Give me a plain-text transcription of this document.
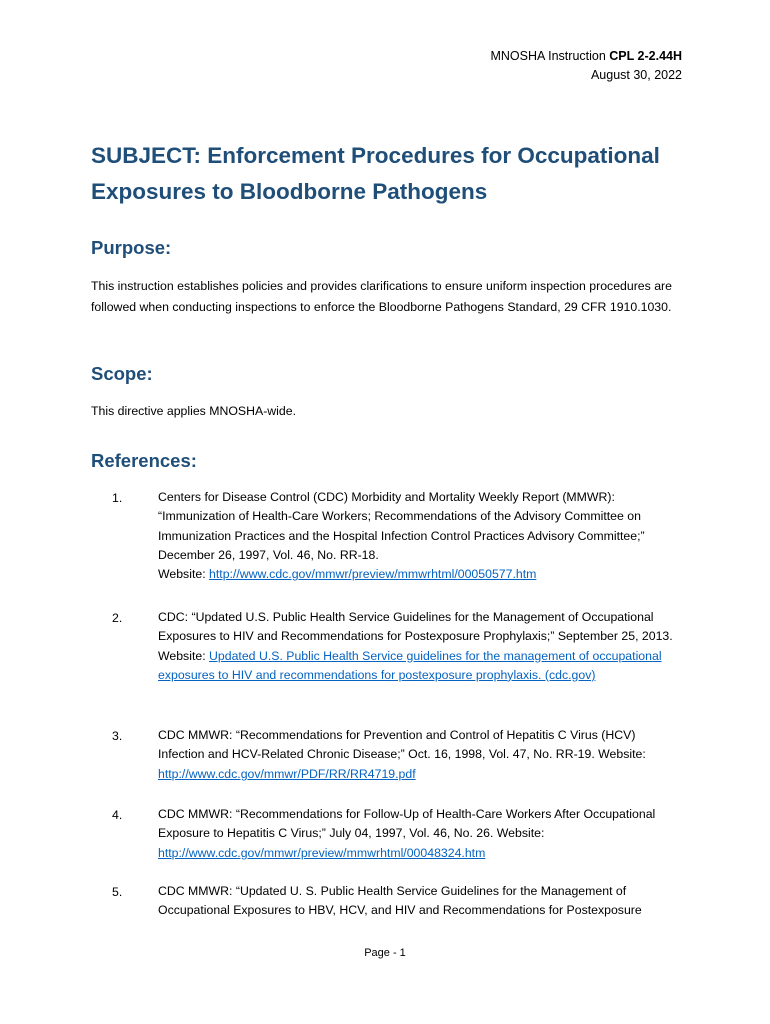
MNOSHA Instruction CPL 2-2.44H
August 30, 2022
SUBJECT: Enforcement Procedures for Occupational Exposures to Bloodborne Pathogens
Purpose:

This instruction establishes policies and provides clarifications to ensure uniform inspection procedures are followed when conducting inspections to enforce the Bloodborne Pathogens Standard, 29 CFR 1910.1030.

Scope:

This directive applies MNOSHA-wide.

References:
1.	Centers for Disease Control (CDC) Morbidity and Mortality Weekly Report (MMWR): “Immunization of Health-Care Workers; Recommendations of the Advisory Committee on Immunization Practices and the Hospital Infection Control Practices Advisory Committee;” December 26, 1997, Vol. 46, No. RR-18.
Website: http://www.cdc.gov/mmwr/preview/mmwrhtml/00050577.htm
2.	CDC: “Updated U.S. Public Health Service Guidelines for the Management of Occupational Exposures to HIV and Recommendations for Postexposure Prophylaxis;” September 25, 2013.
Website: Updated U.S. Public Health Service guidelines for the management of occupational exposures to HIV and recommendations for postexposure prophylaxis. (cdc.gov)
3.	CDC MMWR: “Recommendations for Prevention and Control of Hepatitis C Virus (HCV) Infection and HCV-Related Chronic Disease;” Oct. 16, 1998, Vol. 47, No. RR-19. Website:
http://www.cdc.gov/mmwr/PDF/RR/RR4719.pdf
4.	CDC MMWR: “Recommendations for Follow-Up of Health-Care Workers After Occupational Exposure to Hepatitis C Virus;” July 04, 1997, Vol. 46, No. 26. Website:
http://www.cdc.gov/mmwr/preview/mmwrhtml/00048324.htm
5.	CDC MMWR: “Updated U. S. Public Health Service Guidelines for the Management of Occupational Exposures to HBV, HCV, and HIV and Recommendations for Postexposure
Page - 1
